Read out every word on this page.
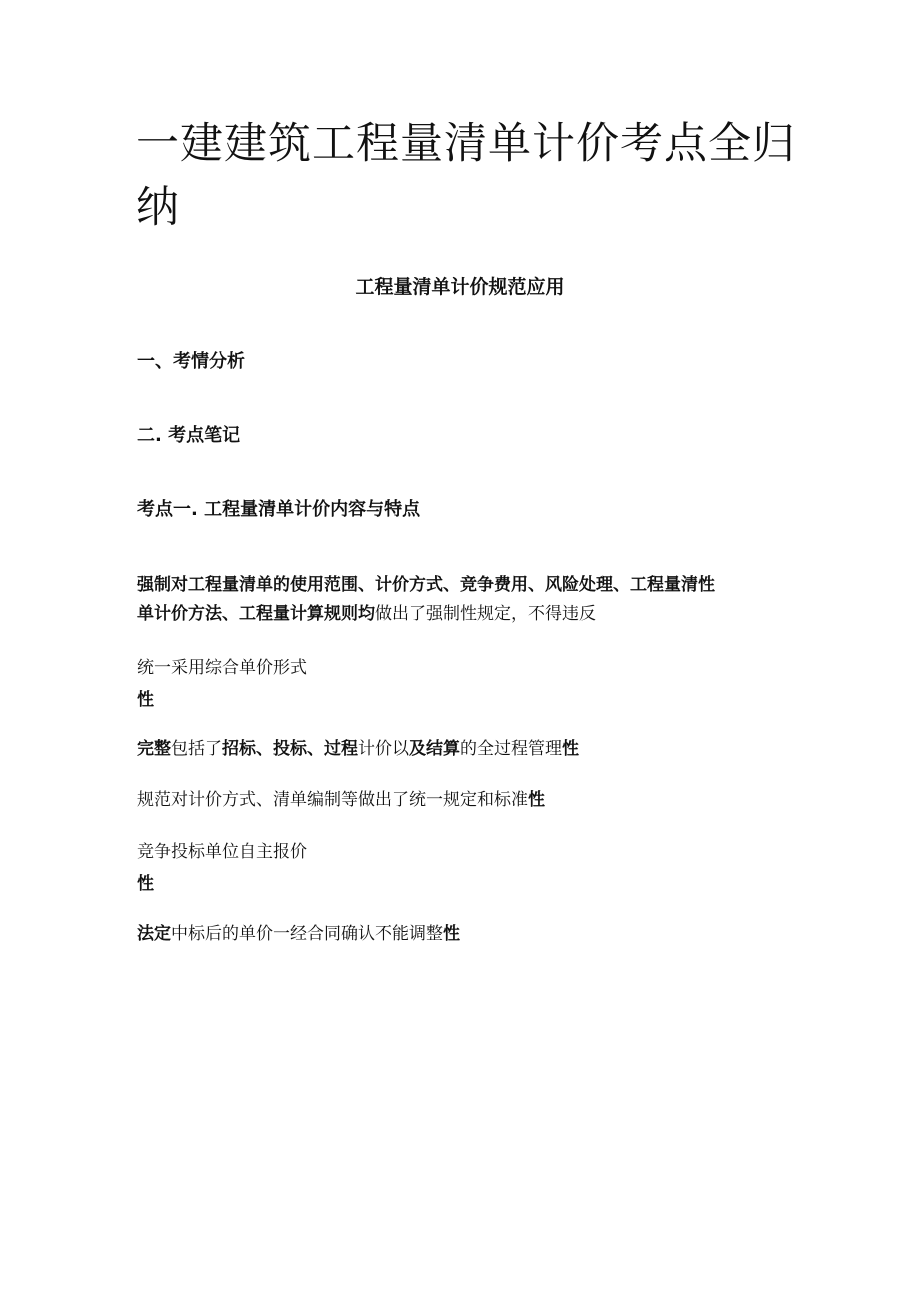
一建建筑工程量清单计价考点全归纳
工程量清单计价规范应用
一、考情分析
二. 考点笔记
考点一. 工程量清单计价内容与特点

强制对工程量清单的使用范围、计价方式、竞争费用、风险处理、工程量清性
单计价方法、工程量计算规则均做出了强制性规定，不得违反

统一采用综合单价形式
性

完整包括了招标、投标、过程计价以及结算的全过程管理性

规范对计价方式、清单编制等做出了统一规定和标准性

竞争投标单位自主报价
性

法定中标后的单价一经合同确认不能调整性
